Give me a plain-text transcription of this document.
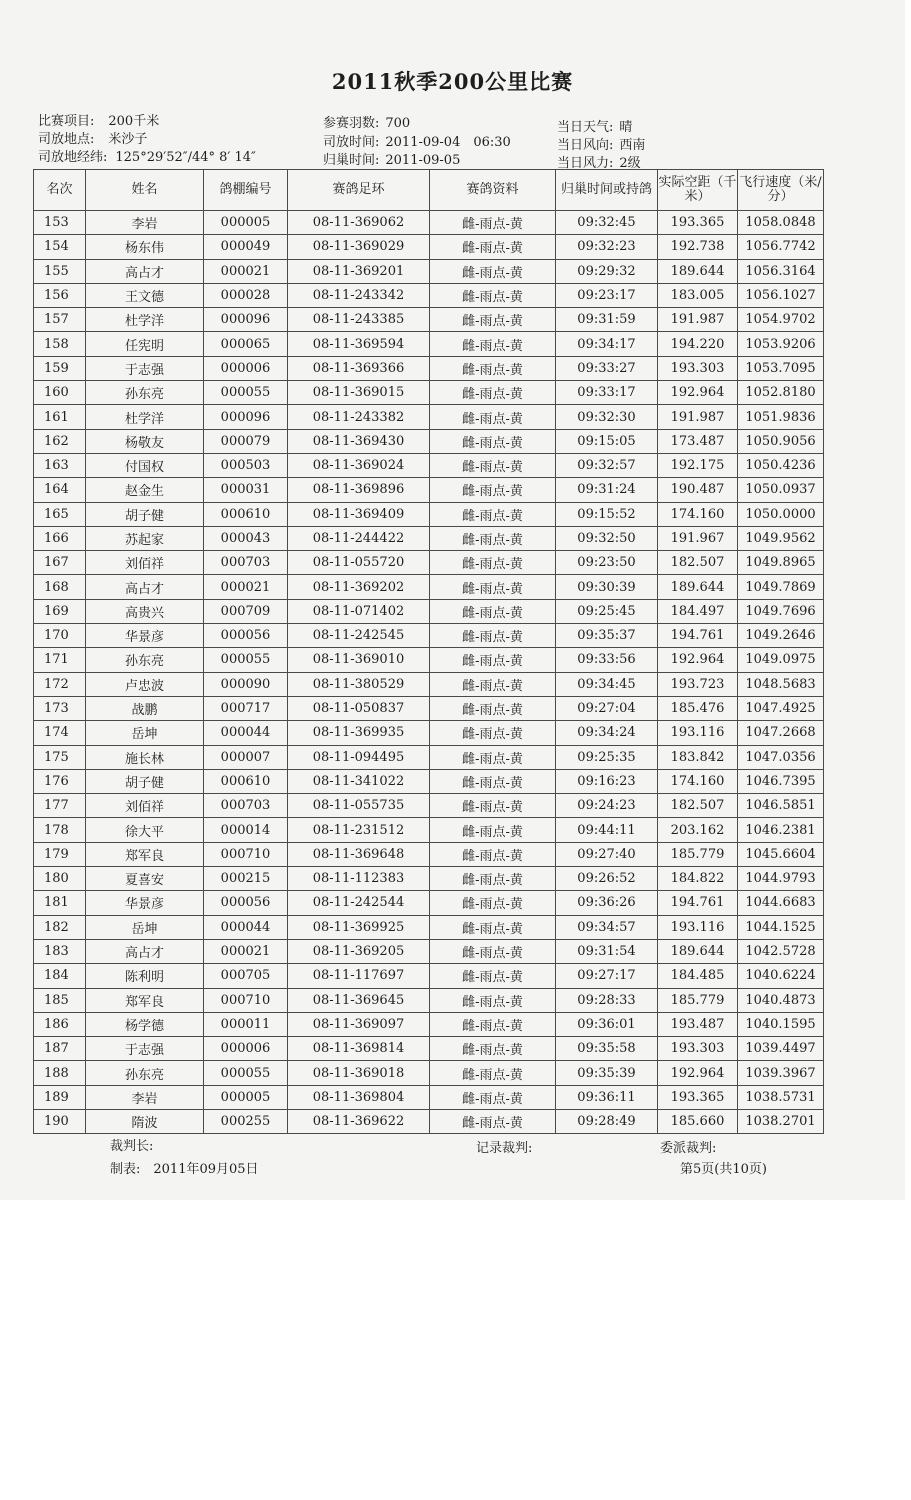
2011秋季200公里比赛
比赛项目: 200千米
司放地点: 米沙子
司放地经纬: 125°29′52″/44° 8′ 14″
参赛羽数: 700
司放时间: 2011-09-04　06:30
归巢时间: 2011-09-05
当日天气: 晴
当日风向: 西南
当日风力: 2级
名次	姓名	鸽棚编号	赛鸽足环	赛鸽资料	归巢时间或持鸽	实际空距（千米）	飞行速度（米/分）
153	李岩	000005	08-11-369062	雌-雨点-黄	09:32:45	193.365	1058.0848
154	杨东伟	000049	08-11-369029	雌-雨点-黄	09:32:23	192.738	1056.7742
155	高占才	000021	08-11-369201	雌-雨点-黄	09:29:32	189.644	1056.3164
156	王文德	000028	08-11-243342	雌-雨点-黄	09:23:17	183.005	1056.1027
157	杜学洋	000096	08-11-243385	雌-雨点-黄	09:31:59	191.987	1054.9702
158	任宪明	000065	08-11-369594	雌-雨点-黄	09:34:17	194.220	1053.9206
159	于志强	000006	08-11-369366	雌-雨点-黄	09:33:27	193.303	1053.7095
160	孙东亮	000055	08-11-369015	雌-雨点-黄	09:33:17	192.964	1052.8180
161	杜学洋	000096	08-11-243382	雌-雨点-黄	09:32:30	191.987	1051.9836
162	杨敬友	000079	08-11-369430	雌-雨点-黄	09:15:05	173.487	1050.9056
163	付国权	000503	08-11-369024	雌-雨点-黄	09:32:57	192.175	1050.4236
164	赵金生	000031	08-11-369896	雌-雨点-黄	09:31:24	190.487	1050.0937
165	胡子健	000610	08-11-369409	雌-雨点-黄	09:15:52	174.160	1050.0000
166	苏起家	000043	08-11-244422	雌-雨点-黄	09:32:50	191.967	1049.9562
167	刘佰祥	000703	08-11-055720	雌-雨点-黄	09:23:50	182.507	1049.8965
168	高占才	000021	08-11-369202	雌-雨点-黄	09:30:39	189.644	1049.7869
169	高贵兴	000709	08-11-071402	雌-雨点-黄	09:25:45	184.497	1049.7696
170	华景彦	000056	08-11-242545	雌-雨点-黄	09:35:37	194.761	1049.2646
171	孙东亮	000055	08-11-369010	雌-雨点-黄	09:33:56	192.964	1049.0975
172	卢忠波	000090	08-11-380529	雌-雨点-黄	09:34:45	193.723	1048.5683
173	战鹏	000717	08-11-050837	雌-雨点-黄	09:27:04	185.476	1047.4925
174	岳坤	000044	08-11-369935	雌-雨点-黄	09:34:24	193.116	1047.2668
175	施长林	000007	08-11-094495	雌-雨点-黄	09:25:35	183.842	1047.0356
176	胡子健	000610	08-11-341022	雌-雨点-黄	09:16:23	174.160	1046.7395
177	刘佰祥	000703	08-11-055735	雌-雨点-黄	09:24:23	182.507	1046.5851
178	徐大平	000014	08-11-231512	雌-雨点-黄	09:44:11	203.162	1046.2381
179	郑军良	000710	08-11-369648	雌-雨点-黄	09:27:40	185.779	1045.6604
180	夏喜安	000215	08-11-112383	雌-雨点-黄	09:26:52	184.822	1044.9793
181	华景彦	000056	08-11-242544	雌-雨点-黄	09:36:26	194.761	1044.6683
182	岳坤	000044	08-11-369925	雌-雨点-黄	09:34:57	193.116	1044.1525
183	高占才	000021	08-11-369205	雌-雨点-黄	09:31:54	189.644	1042.5728
184	陈利明	000705	08-11-117697	雌-雨点-黄	09:27:17	184.485	1040.6224
185	郑军良	000710	08-11-369645	雌-雨点-黄	09:28:33	185.779	1040.4873
186	杨学德	000011	08-11-369097	雌-雨点-黄	09:36:01	193.487	1040.1595
187	于志强	000006	08-11-369814	雌-雨点-黄	09:35:58	193.303	1039.4497
188	孙东亮	000055	08-11-369018	雌-雨点-黄	09:35:39	192.964	1039.3967
189	李岩	000005	08-11-369804	雌-雨点-黄	09:36:11	193.365	1038.5731
190	隋波	000255	08-11-369622	雌-雨点-黄	09:28:49	185.660	1038.2701
裁判长:	记录裁判:	委派裁判:
制表:　2011年09月05日	第5页(共10页)
